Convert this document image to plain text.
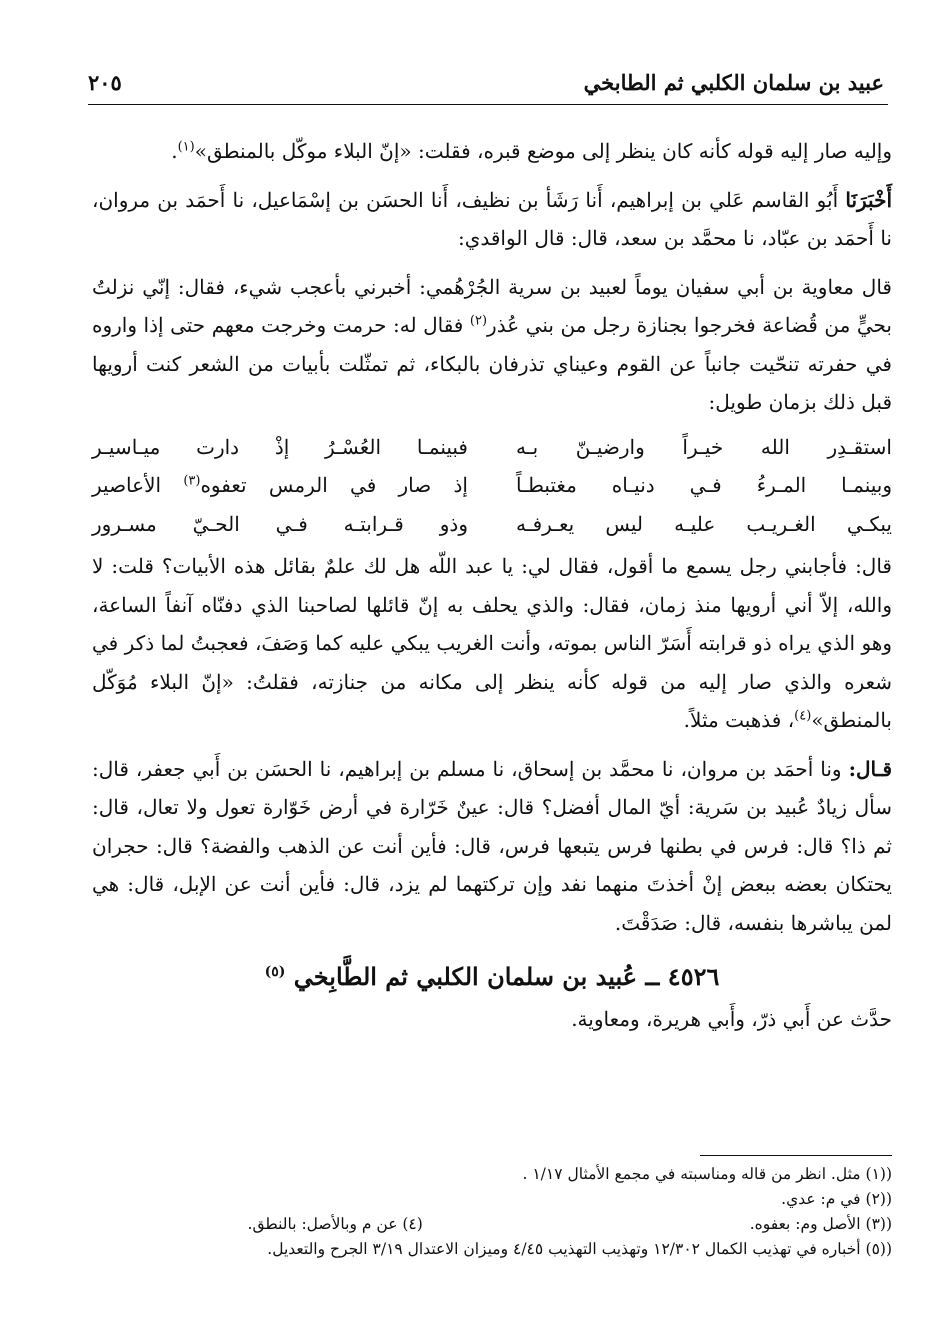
عبيد بن سلمان الكلبي ثم الطابخي
٢٠٥

وإليه صار إليه قوله كأنه كان ينظر إلى موضع قبره، فقلت: «إنّ البلاء موكّل بالمنطق»$^{(١)}$.

أَخْبَرَنَا أَبُو القاسم عَلي بن إبراهيم، أَنا رَشَأ بن نظيف، أَنا الحسَن بن إسْمَاعيل، نا أَحمَد بن مروان، نا أَحمَد بن عبّاد، نا محمَّد بن سعد، قال: قال الواقدي:

قال معاوية بن أبي سفيان يوماً لعبيد بن سرية الجُرْهُمي: أخبرني بأعجب شيء، فقال: إنّي نزلتُ بحيٍّ من قُضاعة فخرجوا بجنازة رجل من بني عُذر$^{(٢)}$ فقال له: حرمت وخرجت معهم حتى إذا واروه في حفرته تنحّيت جانباً عن القوم وعيناي تذرفان بالبكاء، ثم تمثّلت بأبيات من الشعر كنت أرويها قبل ذلك بزمان طويل:

استقـدِر الله خيـراً وارضيـنّ بـه
فبينمـا العُسْـرُ إذْ دارت ميـاسيـر
وبينمـا المـرءُ فـي دنيـاه مغتبطـاً
إذ صار في الرمس تعفوه$^{(٣)}$ الأعاصير
يبكـي الغـريـب عليـه ليس يعـرفـه
وذو قـرابتـه فـي الحـيّ مسـرور

قال: فأجابني رجل يسمع ما أقول، فقال لي: يا عبد اللّه هل لك علمٌ بقائل هذه الأبيات؟ قلت: لا والله، إلاّ أني أرويها منذ زمان، فقال: والذي يحلف به إنّ قائلها لصاحبنا الذي دفنّاه آنفاً الساعة، وهو الذي يراه ذو قرابته أَسَرّ الناس بموته، وأنت الغريب يبكي عليه كما وَصَفَ، فعجبتُ لما ذكر في شعره والذي صار إليه من قوله كأنه ينظر إلى مكانه من جنازته، فقلتُ: «إنّ البلاء مُوَكّل بالمنطق»$^{(٤)}$، فذهبت مثلاً.

قـال: ونا أحمَد بن مروان، نا محمَّد بن إسحاق، نا مسلم بن إبراهيم، نا الحسَن بن أَبي جعفر، قال: سأل زيادٌ عُبيد بن سَرية: أيّ المال أفضل؟ قال: عينٌ خَرّارة في أرض خَوّارة تعول ولا تعال، قال: ثم ذا؟ قال: فرس في بطنها فرس يتبعها فرس، قال: فأين أنت عن الذهب والفضة؟ قال: حجران يحتكان بعضه ببعض إنْ أخذتَ منهما نفد وإن تركتهما لم يزد، قال: فأين أنت عن الإبل، قال: هي لمن يباشرها بنفسه، قال: صَدَقْتَ.

٤٥٢٦ ــ عُبيد بن سلمان الكلبي ثم الطَّابِخي $^{(٥)}$

حدَّث عن أَبي ذرّ، وأَبي هريرة، ومعاوية.

((١) مثل. انظر من قاله ومناسبته في مجمع الأمثال ١/١٧ .

((٢) في م: عدي.

((٣) الأصل وم: بعفوه.

(٤) عن م وبالأصل: بالنطق.

((٥) أخباره في تهذيب الكمال ١٢/٣٠٢ وتهذيب التهذيب ٤/٤٥ وميزان الاعتدال ٣/١٩ الجرح والتعديل.
